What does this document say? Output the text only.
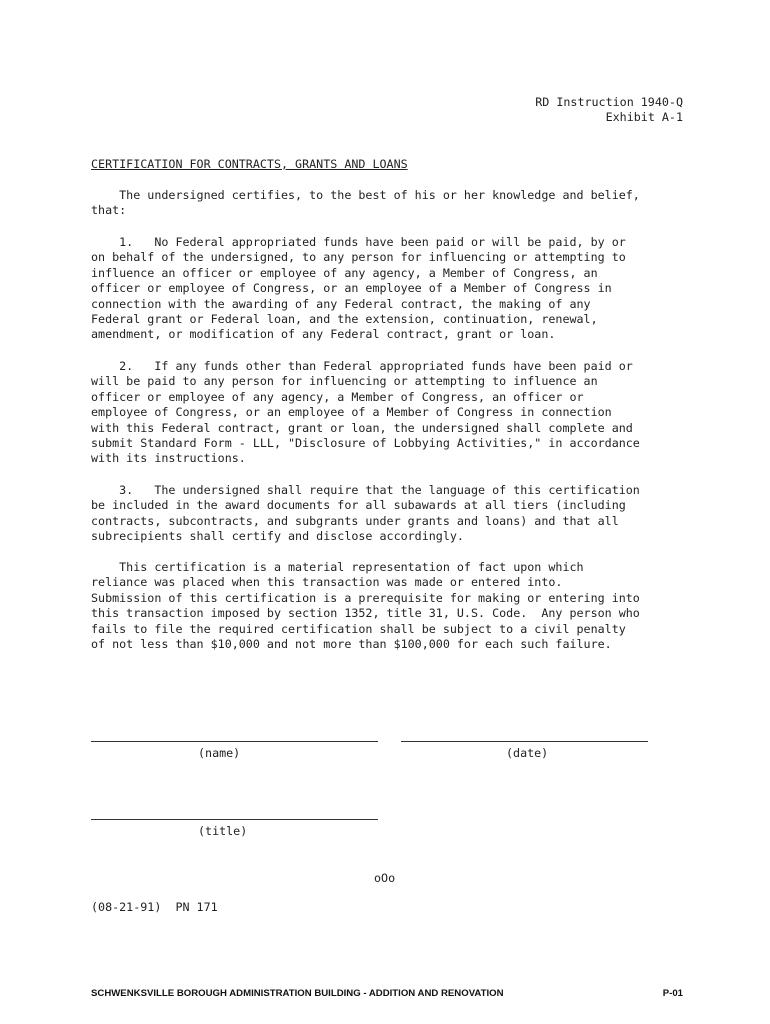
RD Instruction 1940-Q
Exhibit A-1
CERTIFICATION FOR CONTRACTS, GRANTS AND LOANS
The undersigned certifies, to the best of his or her knowledge and belief,
that:
1.   No Federal appropriated funds have been paid or will be paid, by or
on behalf of the undersigned, to any person for influencing or attempting to
influence an officer or employee of any agency, a Member of Congress, an
officer or employee of Congress, or an employee of a Member of Congress in
connection with the awarding of any Federal contract, the making of any
Federal grant or Federal loan, and the extension, continuation, renewal,
amendment, or modification of any Federal contract, grant or loan.
2.   If any funds other than Federal appropriated funds have been paid or
will be paid to any person for influencing or attempting to influence an
officer or employee of any agency, a Member of Congress, an officer or
employee of Congress, or an employee of a Member of Congress in connection
with this Federal contract, grant or loan, the undersigned shall complete and
submit Standard Form - LLL, "Disclosure of Lobbying Activities," in accordance
with its instructions.
3.   The undersigned shall require that the language of this certification
be included in the award documents for all subawards at all tiers (including
contracts, subcontracts, and subgrants under grants and loans) and that all
subrecipients shall certify and disclose accordingly.
This certification is a material representation of fact upon which
reliance was placed when this transaction was made or entered into.
Submission of this certification is a prerequisite for making or entering into
this transaction imposed by section 1352, title 31, U.S. Code.  Any person who
fails to file the required certification shall be subject to a civil penalty
of not less than $10,000 and not more than $100,000 for each such failure.
(name)	(date)
(title)
oOo
(08-21-91)  PN 171
SCHWENKSVILLE BOROUGH ADMINISTRATION BUILDING - ADDITION AND RENOVATION	P-01
